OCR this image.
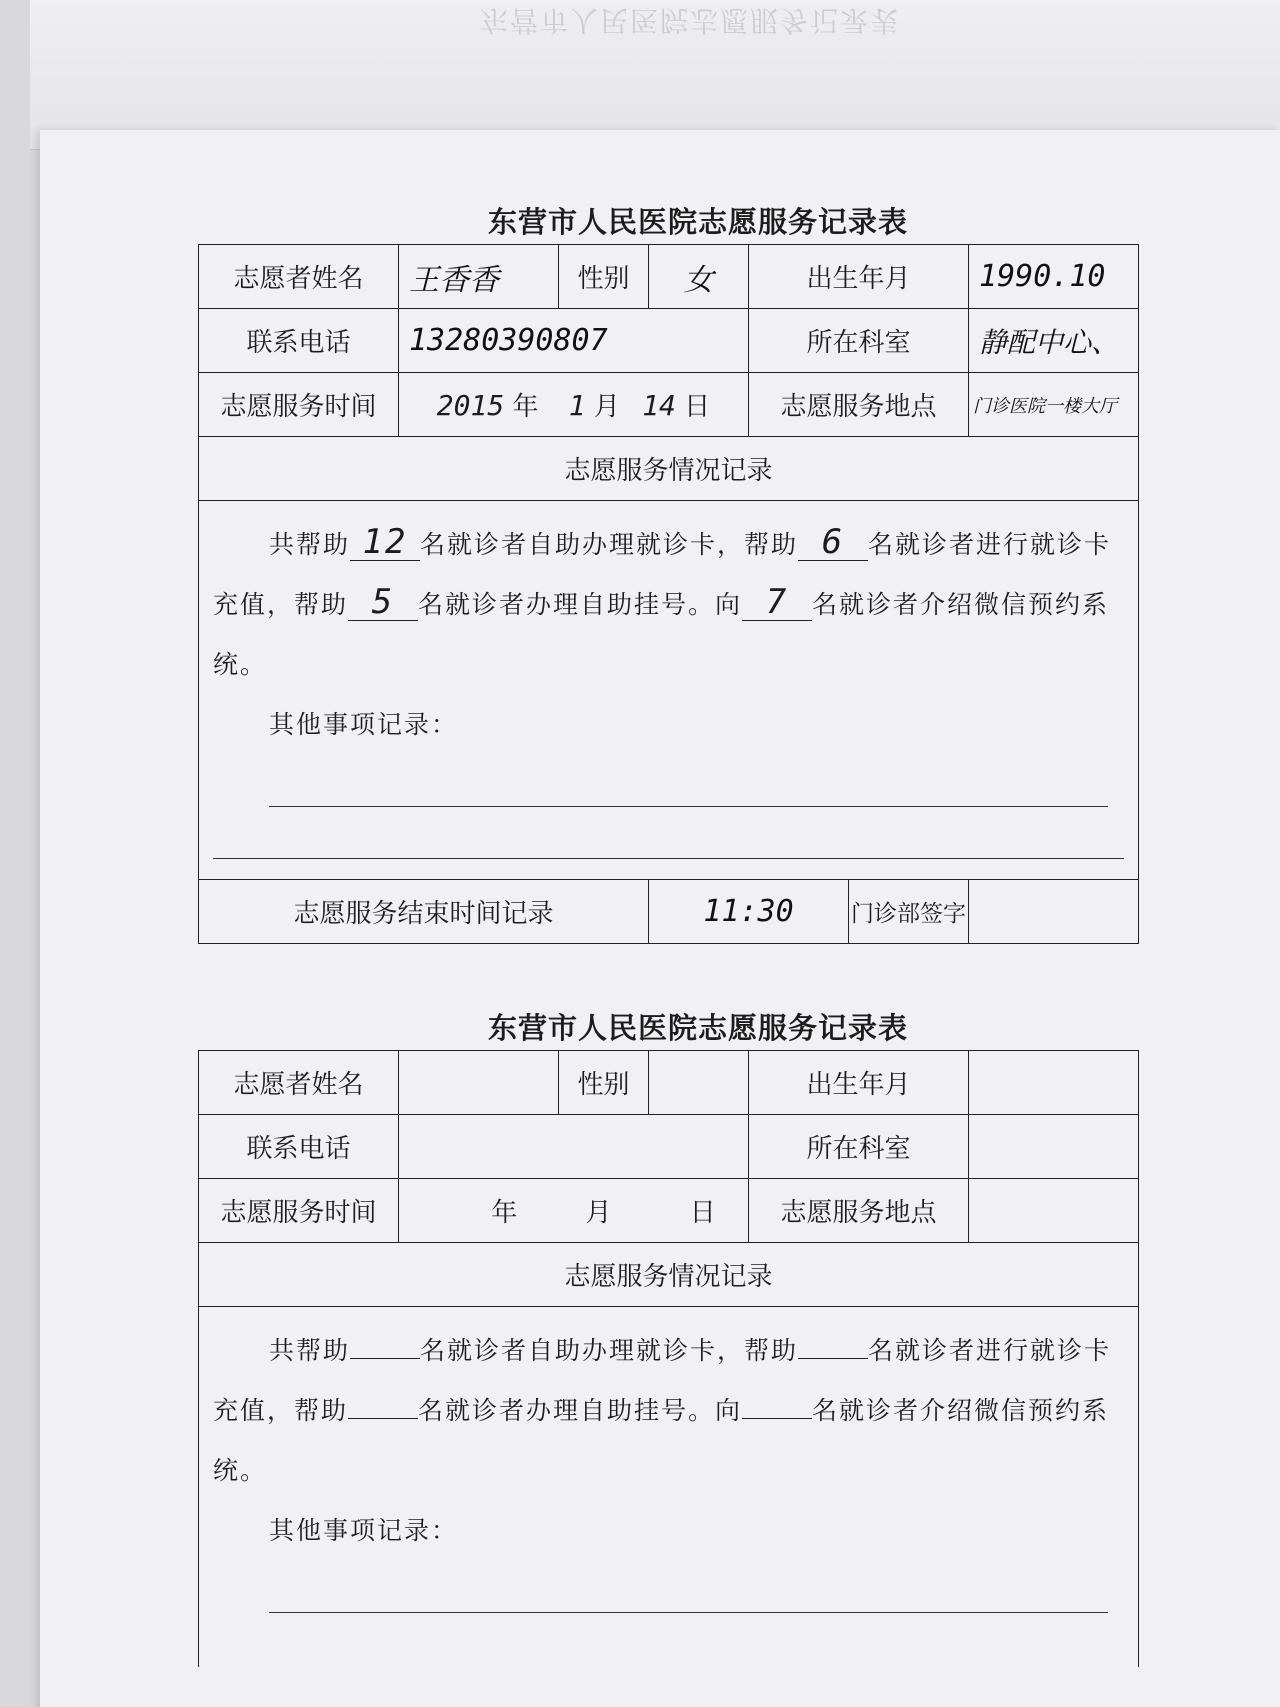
东营市人民医院志愿服务记录表
东营市人民医院志愿服务记录表
志愿者姓名	王香香	性别	女	出生年月		1990.10
联系电话	13280390807			所在科室		静配中心、
志愿服务时间	2015 年 1 月 14 日			志愿服务地点		门诊医院一楼大厅
志愿服务情况记录						

共帮助 12 名就诊者自助办理就诊卡，帮助 6 名就诊者进行就诊卡充值，帮助 5 名就诊者办理自助挂号。向 7 名就诊者介绍微信预约系统。
其他事项记录：						

志愿服务结束时间记录			11:30		门诊部签字	
东营市人民医院志愿服务记录表
志愿者姓名		性别		出生年月	
联系电话				所在科室	
志愿服务时间	年 月 日			志愿服务地点	
志愿服务情况记录					

共帮助 名就诊者自助办理就诊卡，帮助 名就诊者进行就诊卡充值，帮助 名就诊者办理自助挂号。向 名就诊者介绍微信预约系统。
其他事项记录：					
